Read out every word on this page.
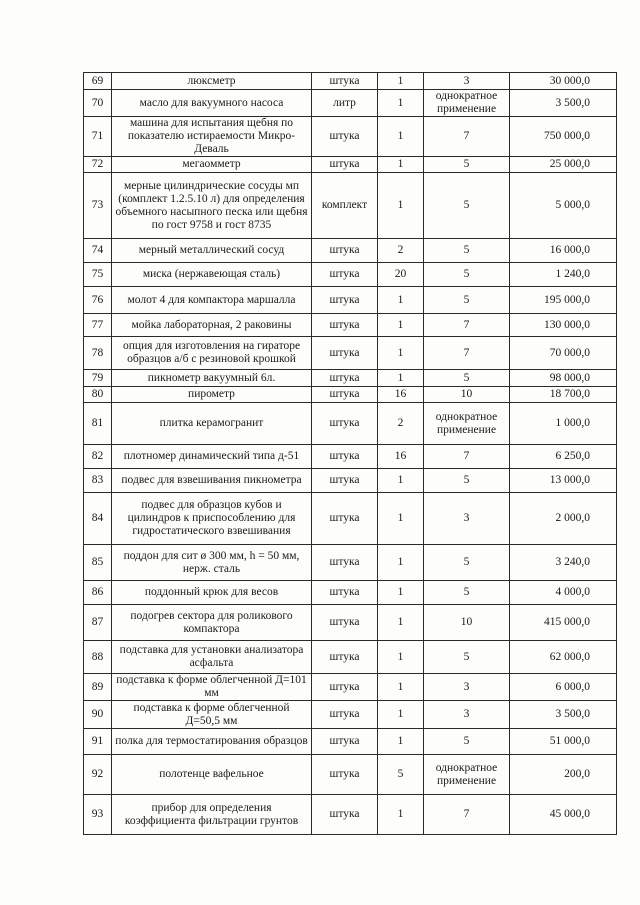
69	люксметр	штука	1	3	30 000,0
70	масло для вакуумного насоса	литр	1	однократное применение	3 500,0
71	машина для испытания щебня по показателю истираемости Микро-Деваль	штука	1	7	750 000,0
72	мегаомметр	штука	1	5	25 000,0
73	мерные цилиндрические сосуды мп (комплект 1.2.5.10 л) для определения объемного насыпного песка или щебня по гост 9758 и гост 8735	комплект	1	5	5 000,0
74	мерный металлический сосуд	штука	2	5	16 000,0
75	миска (нержавеющая сталь)	штука	20	5	1 240,0
76	молот 4 для компактора маршалла	штука	1	5	195 000,0
77	мойка лабораторная, 2 раковины	штука	1	7	130 000,0
78	опция для изготовления на гираторе образцов а/б с резиновой крошкой	штука	1	7	70 000,0
79	пикнометр вакуумный 6л.	штука	1	5	98 000,0
80	пирометр	штука	16	10	18 700,0
81	плитка керамогранит	штука	2	однократное применение	1 000,0
82	плотномер динамический типа д-51	штука	16	7	6 250,0
83	подвес для взвешивания пикнометра	штука	1	5	13 000,0
84	подвес для образцов кубов и цилиндров к приспособлению для гидростатического взвешивания	штука	1	3	2 000,0
85	поддон для сит ø 300 мм, h = 50 мм, нерж. сталь	штука	1	5	3 240,0
86	поддонный крюк для весов	штука	1	5	4 000,0
87	подогрев сектора для роликового компактора	штука	1	10	415 000,0
88	подставка для установки анализатора асфальта	штука	1	5	62 000,0
89	подставка к форме облегченной Д=101 мм	штука	1	3	6 000,0
90	подставка к форме облегченной Д=50,5 мм	штука	1	3	3 500,0
91	полка для термостатирования образцов	штука	1	5	51 000,0
92	полотенце вафельное	штука	5	однократное применение	200,0
93	прибор для определения коэффициента фильтрации грунтов	штука	1	7	45 000,0
